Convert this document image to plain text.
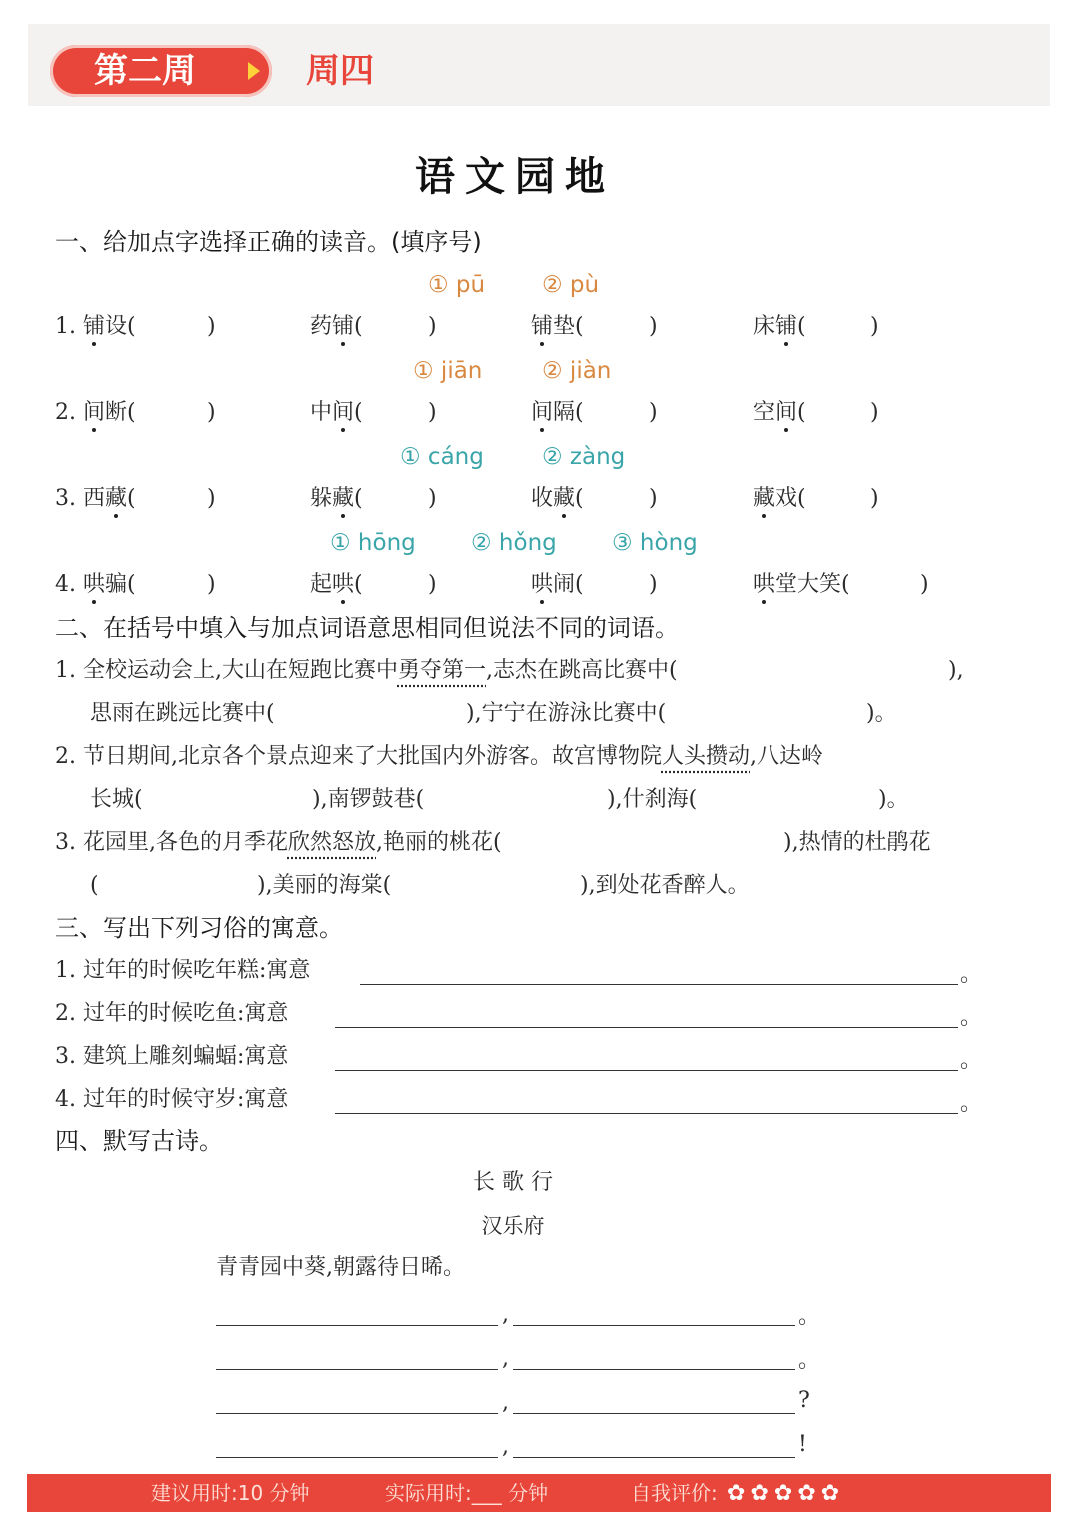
第二周	周四
语文园地
一、给加点字选择正确的读音。(填序号)
① pū ② pù
1. 铺设(	)	药铺(	)	铺垫(	)	床铺(	)
① jiān	② jiàn
2. 间断(	)	中间(	)	间隔(	)	空间(	)
① cáng	② zàng
3. 西藏(	)	躲藏(	)	收藏(	)	藏戏(	)
① hōng ② hǒng ③ hòng
4. 哄骗(	)	起哄(	)	哄闹(	)	哄堂大笑(	)
二、在括号中填入与加点词语意思相同但说法不同的词语。
1. 全校运动会上,大山在短跑比赛中勇夺第一,志杰在跳高比赛中(	),
思雨在跳远比赛中(	),宁宁在游泳比赛中(	)。
2. 节日期间,北京各个景点迎来了大批国内外游客。故宫博物院人头攒动,八达岭
长城(	),南锣鼓巷(	),什刹海(	)。
3. 花园里,各色的月季花欣然怒放,艳丽的桃花(	),热情的杜鹃花
(	),美丽的海棠(	),到处花香醉人。
三、写出下列习俗的寓意。
1. 过年的时候吃年糕:寓意	。
2. 过年的时候吃鱼:寓意	。
3. 建筑上雕刻蝙蝠:寓意	。
4. 过年的时候守岁:寓意	。
四、默写古诗。
长 歌 行
汉乐府
青青园中葵,朝露待日晞。
,	。
,	。
,	?
,	!
建议用时:10 分钟	实际用时:___ 分钟	自我评价: ✿ ✿ ✿ ✿ ✿
